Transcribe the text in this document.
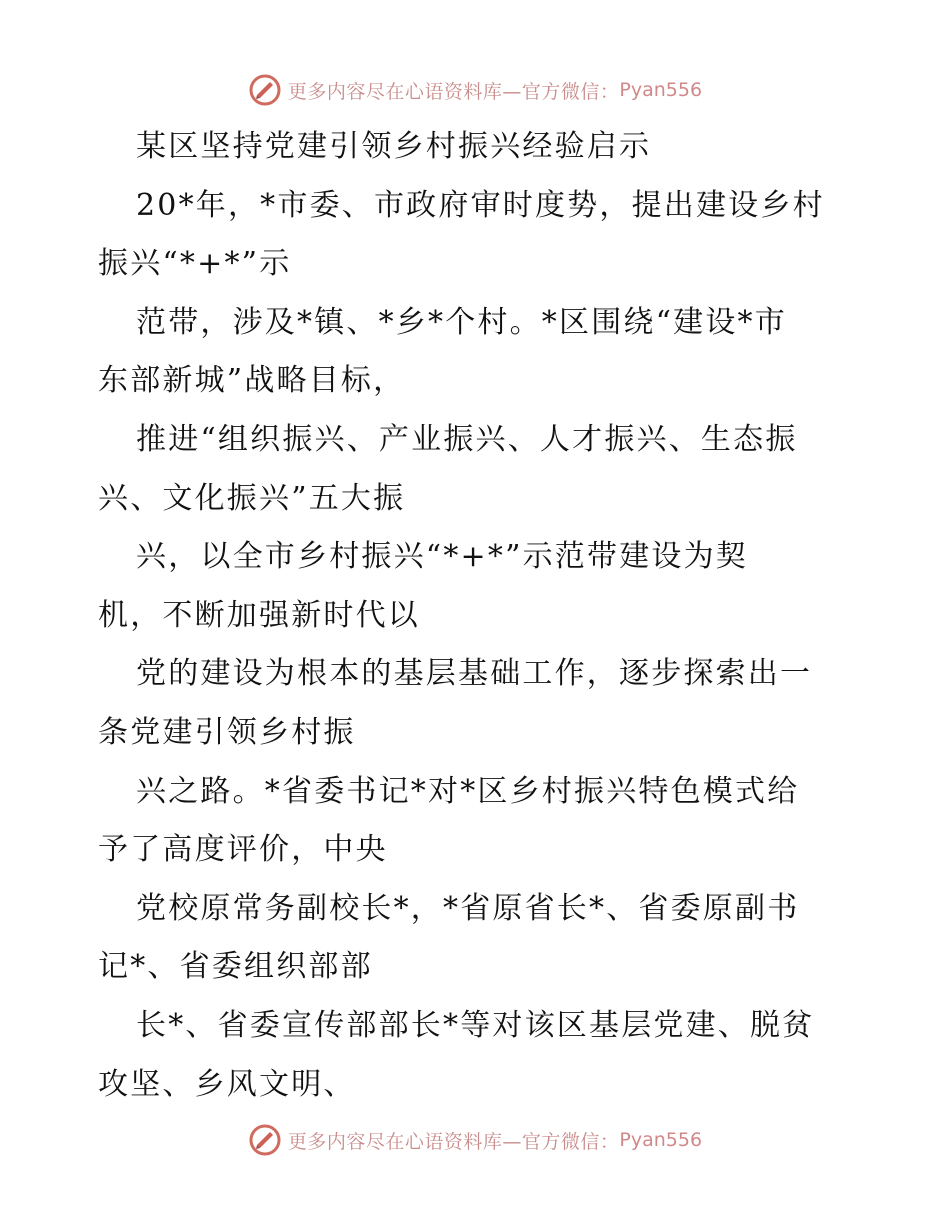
更多内容尽在心语资料库—官方微信： Pyan556
某区坚持党建引领乡村振兴经验启示
20*年，*市委、市政府审时度势，提出建设乡村
振兴“*+*”示
范带，涉及*镇、*乡*个村。*区围绕“建设*市
东部新城”战略目标，
推进“组织振兴、产业振兴、人才振兴、生态振
兴、文化振兴”五大振
兴，以全市乡村振兴“*+*”示范带建设为契
机，不断加强新时代以
党的建设为根本的基层基础工作，逐步探索出一
条党建引领乡村振
兴之路。*省委书记*对*区乡村振兴特色模式给
予了高度评价，中央
党校原常务副校长*，*省原省长*、省委原副书
记*、省委组织部部
长*、省委宣传部部长*等对该区基层党建、脱贫
攻坚、乡风文明、
更多内容尽在心语资料库—官方微信： Pyan556
